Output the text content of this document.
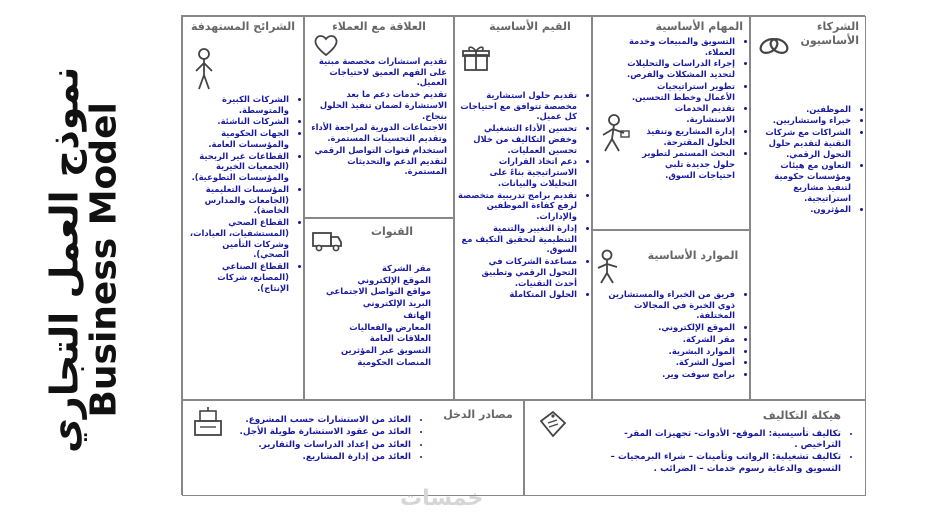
نموذج العمل التجاري
Business Model
الشركاء الأساسيون
• الموظفين.
• خبراء واستشاريين.
• الشراكات مع شركات التقنية لتقديم حلول التحول الرقمي.
• التعاون مع هيئات ومؤسسات حكومية لتنفيذ مشاريع استراتيجية.
• المؤثرون.
المهام الأساسية
• التسويق والمبيعات وخدمة العملاء.
• إجراء الدراسات والتحليلات لتحديد المشكلات والفرص.
• تطوير استراتيجيات الأعمال وخطط التحسين.
• تقديم الخدمات الاستشارية.
• إدارة المشاريع وتنفيذ الحلول المقترحة.
• البحث المستمر لتطوير حلول جديدة تلبي احتياجات السوق.
الموارد الأساسية
• فريق من الخبراء والمستشارين ذوي الخبرة في المجالات المختلفة.
• الموقع الإلكتروني.
• مقر الشركة.
• الموارد البشرية.
• أصول الشركة.
• برامج سوفت وير.
القيم الأساسية
• تقديم حلول استشارية مخصصة تتوافق مع احتياجات كل عميل.
• تحسين الأداء التشغيلي وخفض التكاليف من خلال تحسين العمليات.
• دعم اتخاذ القرارات الاستراتيجية بناءً على التحليلات والبيانات.
• تقديم برامج تدريبية متخصصة لرفع كفاءة الموظفين والإدارات.
• إدارة التغيير والتنمية التنظيمية لتحقيق التكيف مع السوق.
• مساعدة الشركات في التحول الرقمي وتطبيق أحدث التقنيات.
• الحلول المتكاملة
العلاقة مع العملاء
تقديم استشارات مخصصة مبنية على الفهم العميق لاحتياجات العميل.
تقديم خدمات دعم ما بعد الاستشارة لضمان تنفيذ الحلول بنجاح.
الاجتماعات الدورية لمراجعة الأداء وتقديم التحسينات المستمرة.
استخدام قنوات التواصل الرقمي لتقديم الدعم والتحديثات المستمرة.
القنوات
مقر الشركة
الموقع الإلكتروني
مواقع التواصل الاجتماعي
البريد الإلكتروني
الهاتف
المعارض والفعاليات
العلاقات العامة
التسويق عبر المؤثرين
المنصات الحكومية
الشرائح المستهدفة
• الشركات الكبيرة والمتوسطة.
• الشركات الناشئة.
• الجهات الحكومية والمؤسسات العامة.
• القطاعات غير الربحية (الجمعيات الخيرية والمؤسسات التطوعية).
• المؤسسات التعليمية (الجامعات والمدارس الخاصة).
• القطاع الصحي (المستشفيات، العيادات، وشركات التأمين الصحي).
• القطاع الصناعي (المصانع، شركات الإنتاج).
هيكلة التكاليف
• تكاليف تأسيسية: الموقع- الأدوات- تجهيزات المقر- التراخيص .
• تكاليف تشغيلية: الرواتب وتأمينات – شراء البرمجيات – التسويق والدعاية رسوم خدمات – الضرائب .
مصادر الدخل
• العائد من الاستشارات حسب المشروع.
• العائد من عقود الاستشارة طويلة الأجل.
• العائد من إعداد الدراسات والتقارير.
• العائد من إدارة المشاريع.
خمسات
